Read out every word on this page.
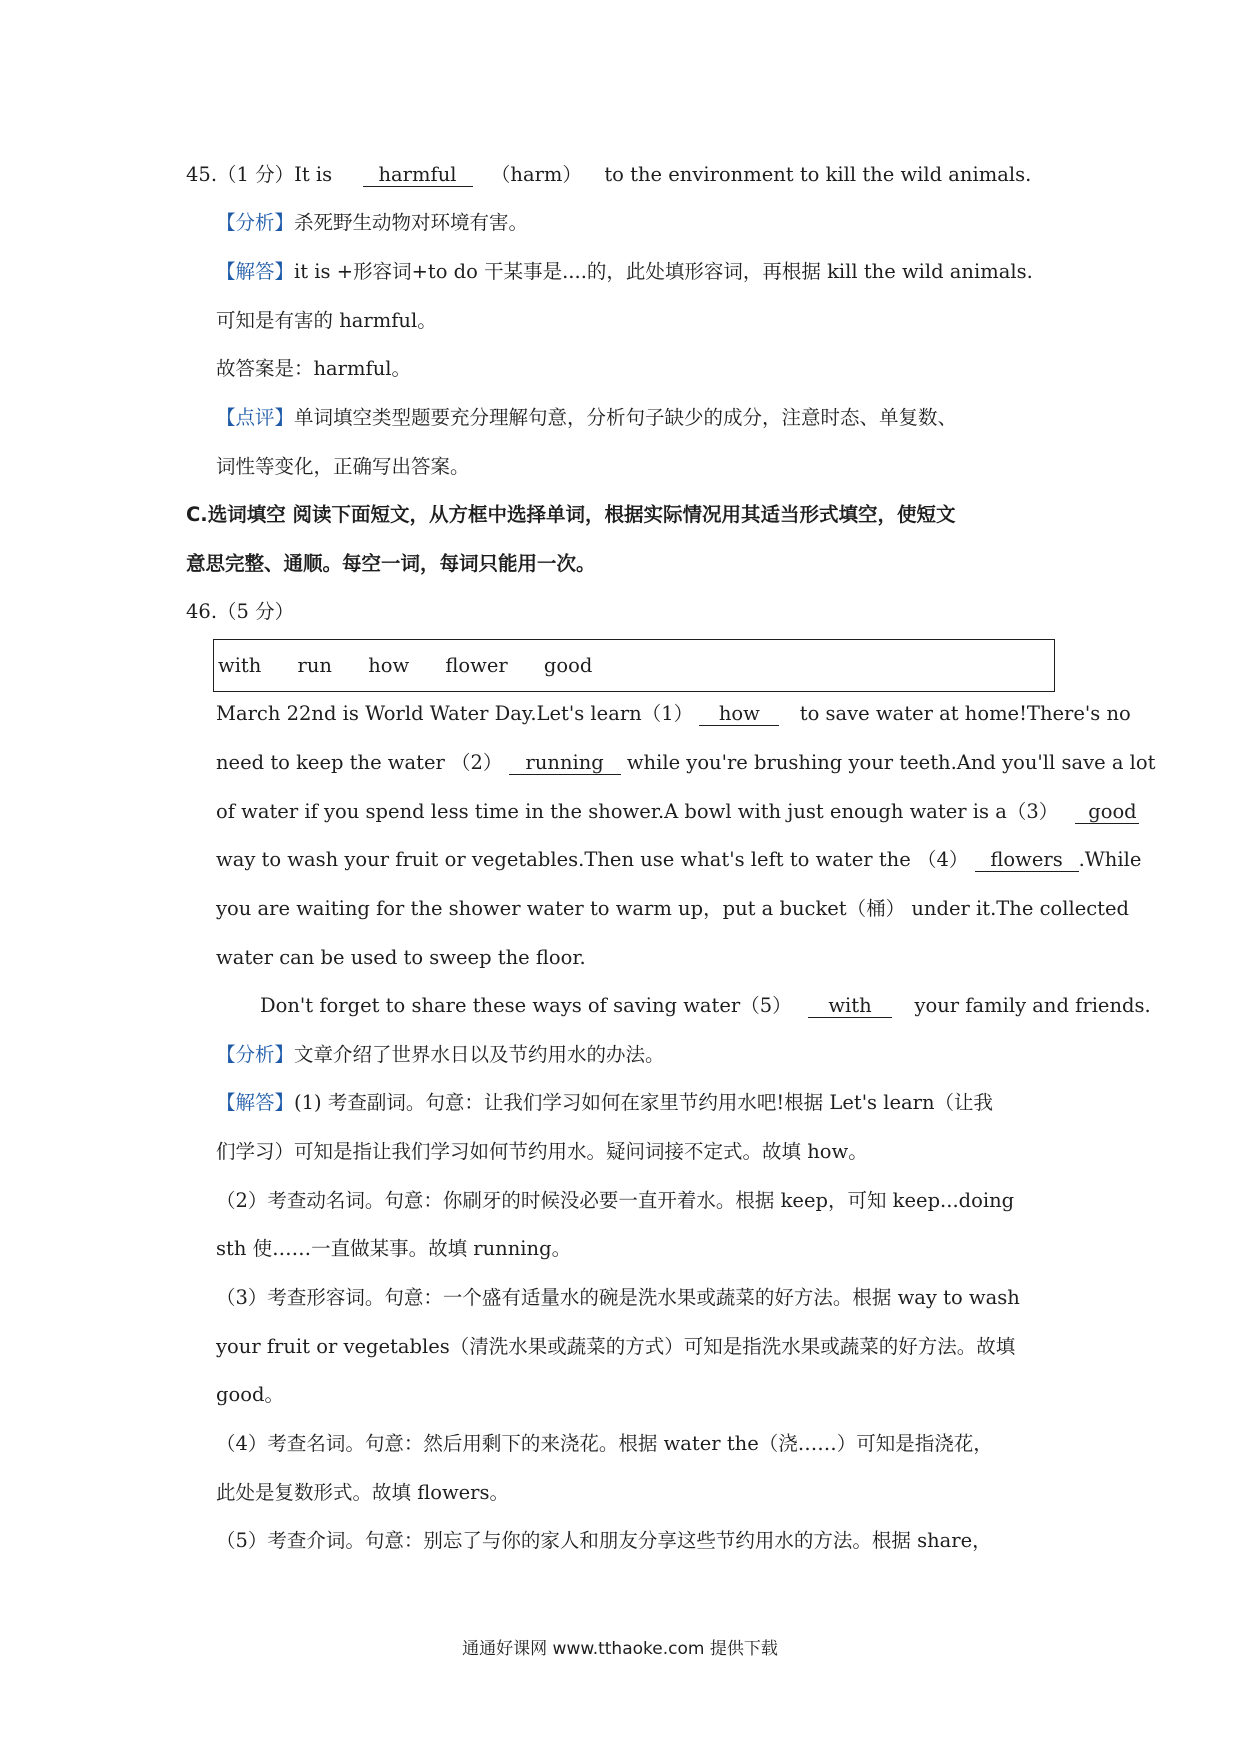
45.（1 分）It is harmful （harm） to the environment to kill the wild animals.
【分析】杀死野生动物对环境有害。
【解答】it is +形容词+to do 干某事是....的，此处填形容词，再根据 kill the wild animals.
可知是有害的 harmful。
故答案是：harmful。
【点评】单词填空类型题要充分理解句意，分析句子缺少的成分，注意时态、单复数、
词性等变化，正确写出答案。
C.选词填空 阅读下面短文，从方框中选择单词，根据实际情况用其适当形式填空，使短文
意思完整、通顺。每空一词，每词只能用一次。
46.（5 分）
with run how flower good
March 22nd is World Water Day.Let's learn（1） how to save water at home!There's no
need to keep the water （2） running while you're brushing your teeth.And you'll save a lot
of water if you spend less time in the shower.A bowl with just enough water is a（3） good
way to wash your fruit or vegetables.Then use what's left to water the （4） flowers .While
you are waiting for the shower water to warm up，put a bucket（桶） under it.The collected
water can be used to sweep the floor.
Don't forget to share these ways of saving water（5） with your family and friends.
【分析】文章介绍了世界水日以及节约用水的办法。
【解答】(1) 考查副词。句意：让我们学习如何在家里节约用水吧!根据 Let's learn（让我
们学习）可知是指让我们学习如何节约用水。疑问词接不定式。故填 how。
（2）考查动名词。句意：你刷牙的时候没必要一直开着水。根据 keep，可知 keep...doing
sth 使……一直做某事。故填 running。
（3）考查形容词。句意：一个盛有适量水的碗是洗水果或蔬菜的好方法。根据 way to wash
your fruit or vegetables（清洗水果或蔬菜的方式）可知是指洗水果或蔬菜的好方法。故填
good。
（4）考查名词。句意：然后用剩下的来浇花。根据 water the（浇……）可知是指浇花，
此处是复数形式。故填 flowers。
（5）考查介词。句意：别忘了与你的家人和朋友分享这些节约用水的方法。根据 share，
通通好课网 www.tthaoke.com 提供下载
